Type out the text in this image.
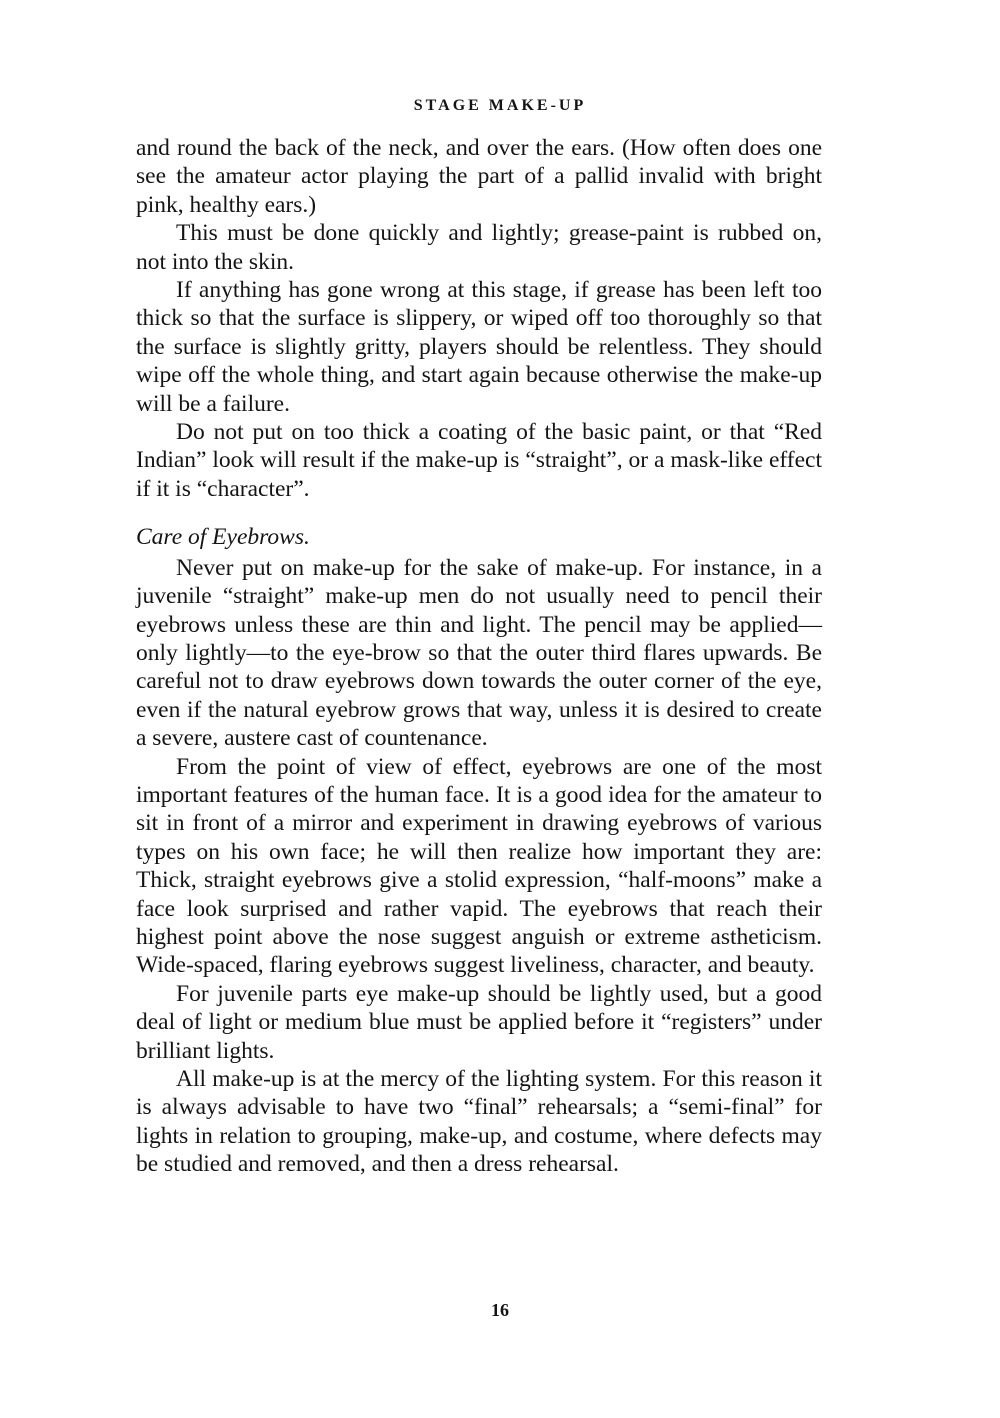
STAGE MAKE-UP

and round the back of the neck, and over the ears. (How often does one see the amateur actor playing the part of a pallid invalid with bright pink, healthy ears.)

This must be done quickly and lightly; grease-paint is rubbed on, not into the skin.

If anything has gone wrong at this stage, if grease has been left too thick so that the surface is slippery, or wiped off too thoroughly so that the surface is slightly gritty, players should be relentless. They should wipe off the whole thing, and start again because otherwise the make-up will be a failure.

Do not put on too thick a coating of the basic paint, or that “Red Indian” look will result if the make-up is “straight”, or a mask-like effect if it is “character”.

Care of Eyebrows.

Never put on make-up for the sake of make-up. For instance, in a juvenile “straight” make-up men do not usually need to pencil their eyebrows unless these are thin and light. The pencil may be applied—only lightly—to the eye-brow so that the outer third flares upwards. Be careful not to draw eyebrows down towards the outer corner of the eye, even if the natural eyebrow grows that way, unless it is desired to create a severe, austere cast of countenance.

From the point of view of effect, eyebrows are one of the most important features of the human face. It is a good idea for the amateur to sit in front of a mirror and experiment in drawing eyebrows of various types on his own face; he will then realize how important they are: Thick, straight eyebrows give a stolid expression, “half-moons” make a face look surprised and rather vapid. The eyebrows that reach their highest point above the nose suggest anguish or extreme astheticism. Wide-spaced, flaring eyebrows suggest liveliness, character, and beauty.

For juvenile parts eye make-up should be lightly used, but a good deal of light or medium blue must be applied before it “registers” under brilliant lights.

All make-up is at the mercy of the lighting system. For this reason it is always advisable to have two “final” rehearsals; a “semi-final” for lights in relation to grouping, make-up, and costume, where defects may be studied and removed, and then a dress rehearsal.

16
